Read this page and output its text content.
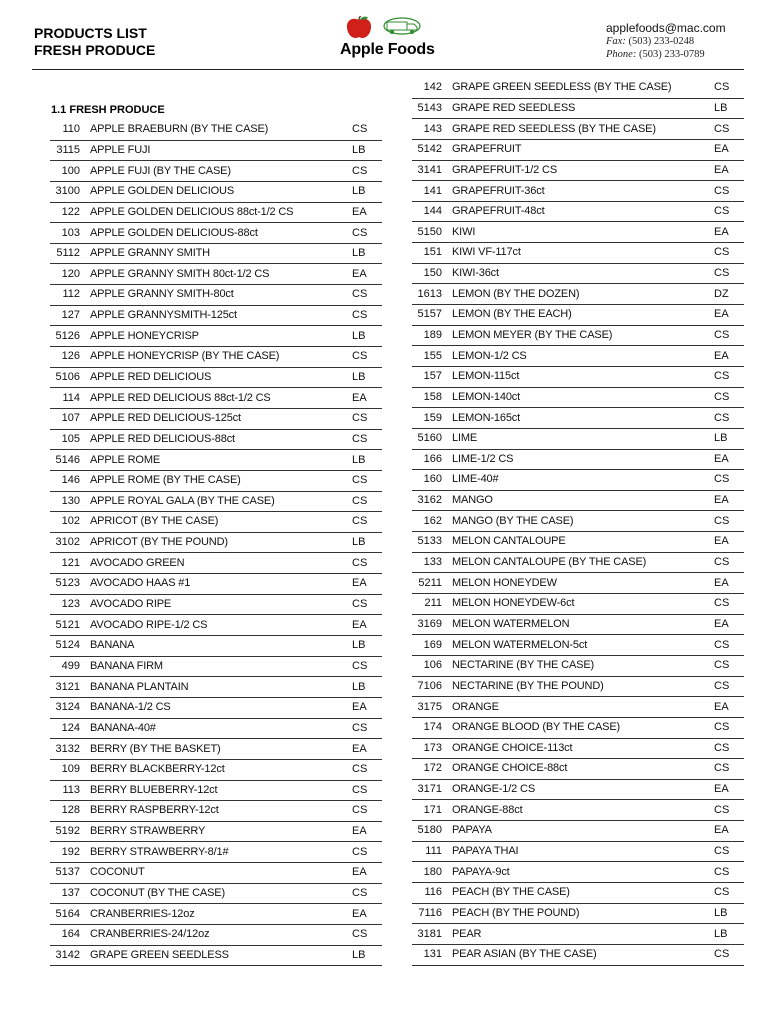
PRODUCTS LIST
FRESH PRODUCE	Apple Foods
applefoods@mac.com
Fax: (503) 233-0248
Phone: (503) 233-0789
1.1 FRESH PRODUCE
110 APPLE BRAEBURN (BY THE CASE)	CS
3115 APPLE FUJI	LB
100 APPLE FUJI (BY THE CASE)	CS
3100 APPLE GOLDEN DELICIOUS	LB
122 APPLE GOLDEN DELICIOUS 88ct-1/2 CS	EA
103 APPLE GOLDEN DELICIOUS-88ct	CS
5112 APPLE GRANNY SMITH	LB
120 APPLE GRANNY SMITH 80ct-1/2 CS	EA
112 APPLE GRANNY SMITH-80ct	CS
127 APPLE GRANNYSMITH-125ct	CS
5126 APPLE HONEYCRISP	LB
126 APPLE HONEYCRISP (BY THE CASE)	CS
5106 APPLE RED DELICIOUS	LB
114 APPLE RED DELICIOUS 88ct-1/2 CS	EA
107 APPLE RED DELICIOUS-125ct	CS
105 APPLE RED DELICIOUS-88ct	CS
5146 APPLE ROME	LB
146 APPLE ROME (BY THE CASE)	CS
130 APPLE ROYAL GALA (BY THE CASE)	CS
102 APRICOT (BY THE CASE)	CS
3102 APRICOT (BY THE POUND)	LB
121 AVOCADO GREEN	CS
5123 AVOCADO HAAS #1	EA
123 AVOCADO RIPE	CS
5121 AVOCADO RIPE-1/2 CS	EA
5124 BANANA	LB
499 BANANA FIRM	CS
3121 BANANA PLANTAIN	LB
3124 BANANA-1/2 CS	EA
124 BANANA-40#	CS
3132 BERRY (BY THE BASKET)	EA
109 BERRY BLACKBERRY-12ct	CS
113 BERRY BLUEBERRY-12ct	CS
128 BERRY RASPBERRY-12ct	CS
5192 BERRY STRAWBERRY	EA
192 BERRY STRAWBERRY-8/1#	CS
5137 COCONUT	EA
137 COCONUT (BY THE CASE)	CS
5164 CRANBERRIES-12oz	EA
164 CRANBERRIES-24/12oz	CS
3142 GRAPE GREEN SEEDLESS	LB
142 GRAPE GREEN SEEDLESS (BY THE CASE)	CS
5143 GRAPE RED SEEDLESS	LB
143 GRAPE RED SEEDLESS (BY THE CASE)	CS
5142 GRAPEFRUIT	EA
3141 GRAPEFRUIT-1/2 CS	EA
141 GRAPEFRUIT-36ct	CS
144 GRAPEFRUIT-48ct	CS
5150 KIWI	EA
151 KIWI VF-117ct	CS
150 KIWI-36ct	CS
1613 LEMON (BY THE DOZEN)	DZ
5157 LEMON (BY THE EACH)	EA
189 LEMON MEYER (BY THE CASE)	CS
155 LEMON-1/2 CS	EA
157 LEMON-115ct	CS
158 LEMON-140ct	CS
159 LEMON-165ct	CS
5160 LIME	LB
166 LIME-1/2 CS	EA
160 LIME-40#	CS
3162 MANGO	EA
162 MANGO (BY THE CASE)	CS
5133 MELON CANTALOUPE	EA
133 MELON CANTALOUPE (BY THE CASE)	CS
5211 MELON HONEYDEW	EA
211 MELON HONEYDEW-6ct	CS
3169 MELON WATERMELON	EA
169 MELON WATERMELON-5ct	CS
106 NECTARINE (BY THE CASE)	CS
7106 NECTARINE (BY THE POUND)	CS
3175 ORANGE	EA
174 ORANGE BLOOD (BY THE CASE)	CS
173 ORANGE CHOICE-113ct	CS
172 ORANGE CHOICE-88ct	CS
3171 ORANGE-1/2 CS	EA
171 ORANGE-88ct	CS
5180 PAPAYA	EA
111 PAPAYA THAI	CS
180 PAPAYA-9ct	CS
116 PEACH (BY THE CASE)	CS
7116 PEACH (BY THE POUND)	LB
3181 PEAR	LB
131 PEAR ASIAN (BY THE CASE)	CS
